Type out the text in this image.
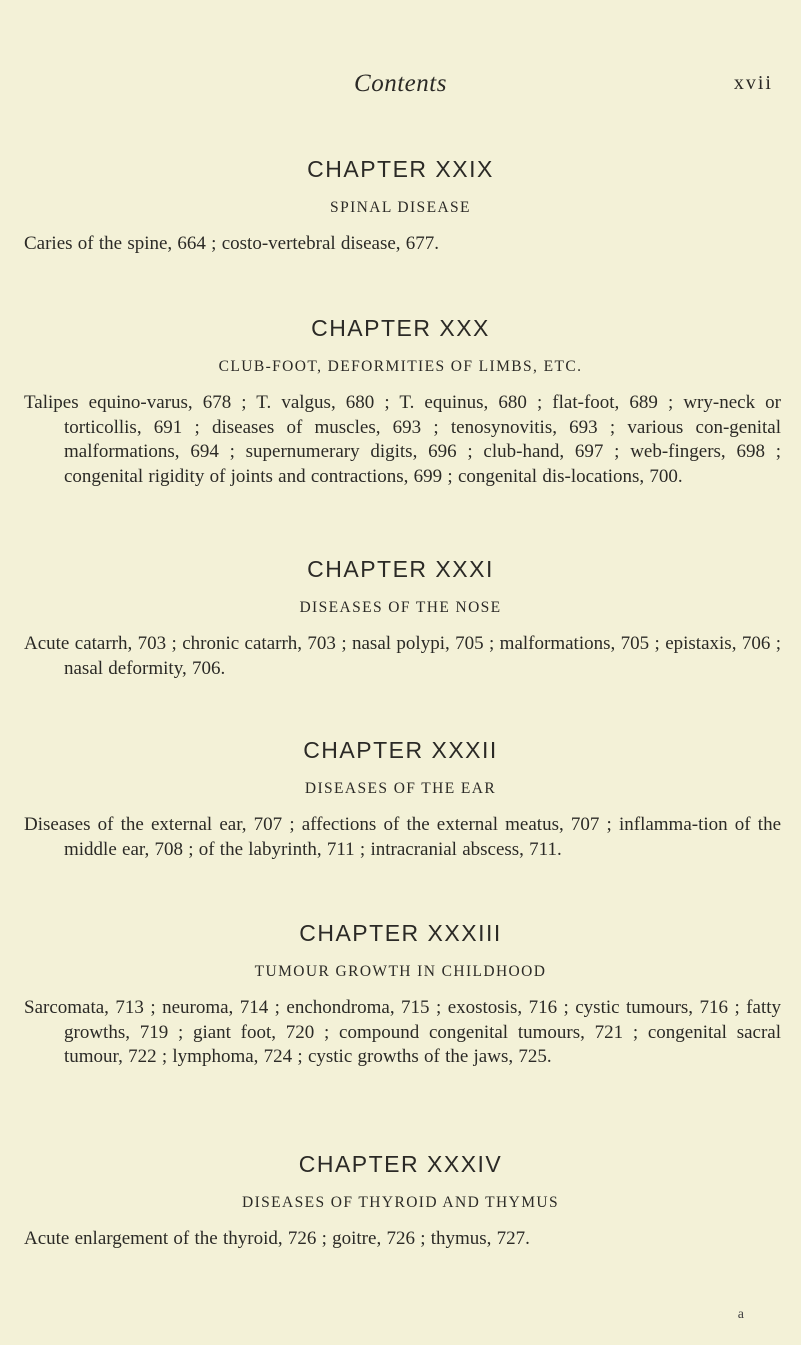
Contents	xvii
CHAPTER XXIX
SPINAL DISEASE

Caries of the spine, 664 ; costo-vertebral disease, 677.

CHAPTER XXX
CLUB-FOOT, DEFORMITIES OF LIMBS, ETC.

Talipes equino-varus, 678 ; T. valgus, 680 ; T. equinus, 680 ; flat-foot, 689 ; wry-neck or torticollis, 691 ; diseases of muscles, 693 ; tenosynovitis, 693 ; various con-genital malformations, 694 ; supernumerary digits, 696 ; club-hand, 697 ; web-fingers, 698 ; congenital rigidity of joints and contractions, 699 ; congenital dis-locations, 700.

CHAPTER XXXI
DISEASES OF THE NOSE

Acute catarrh, 703 ; chronic catarrh, 703 ; nasal polypi, 705 ; malformations, 705 ; epistaxis, 706 ; nasal deformity, 706.

CHAPTER XXXII
DISEASES OF THE EAR

Diseases of the external ear, 707 ; affections of the external meatus, 707 ; inflamma-tion of the middle ear, 708 ; of the labyrinth, 711 ; intracranial abscess, 711.

CHAPTER XXXIII
TUMOUR GROWTH IN CHILDHOOD

Sarcomata, 713 ; neuroma, 714 ; enchondroma, 715 ; exostosis, 716 ; cystic tumours, 716 ; fatty growths, 719 ; giant foot, 720 ; compound congenital tumours, 721 ; congenital sacral tumour, 722 ; lymphoma, 724 ; cystic growths of the jaws, 725.

CHAPTER XXXIV
DISEASES OF THYROID AND THYMUS

Acute enlargement of the thyroid, 726 ; goitre, 726 ; thymus, 727.

a
